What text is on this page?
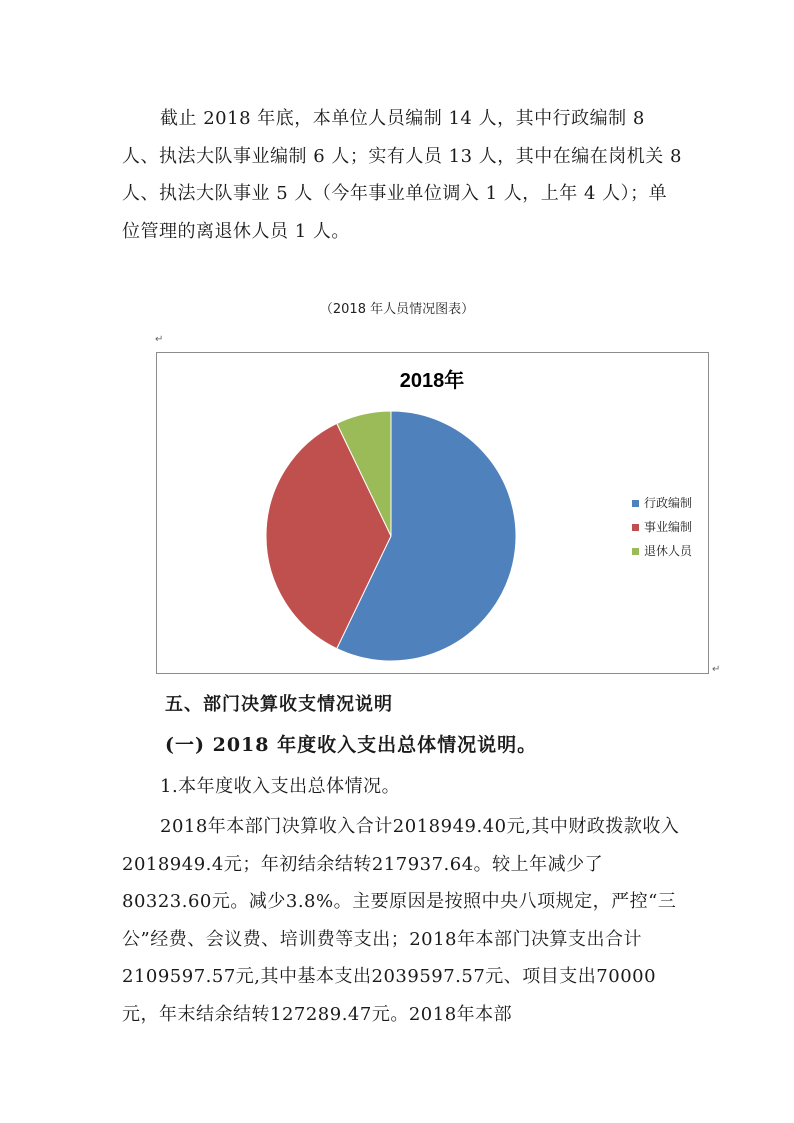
截止 2018 年底，本单位人员编制 14 人，其中行政编制 8 人、执法大队事业编制 6 人；实有人员 13 人，其中在编在岗机关 8 人、执法大队事业 5 人（今年事业单位调入 1 人，上年 4 人）；单位管理的离退休人员 1 人。

（2018 年人员情况图表）
↵
↵
2018年
行政编制
事业编制
退休人员
五、部门决算收支情况说明
(一) 2018 年度收入支出总体情况说明。

1.本年度收入支出总体情况。

2018年本部门决算收入合计2018949.40元,其中财政拨款收入2018949.4元；年初结余结转217937.64。较上年减少了80323.60元。减少3.8%。主要原因是按照中央八项规定，严控“三公”经费、会议费、培训费等支出；2018年本部门决算支出合计2109597.57元,其中基本支出2039597.57元、项目支出70000元，年末结余结转127289.47元。2018年本部
